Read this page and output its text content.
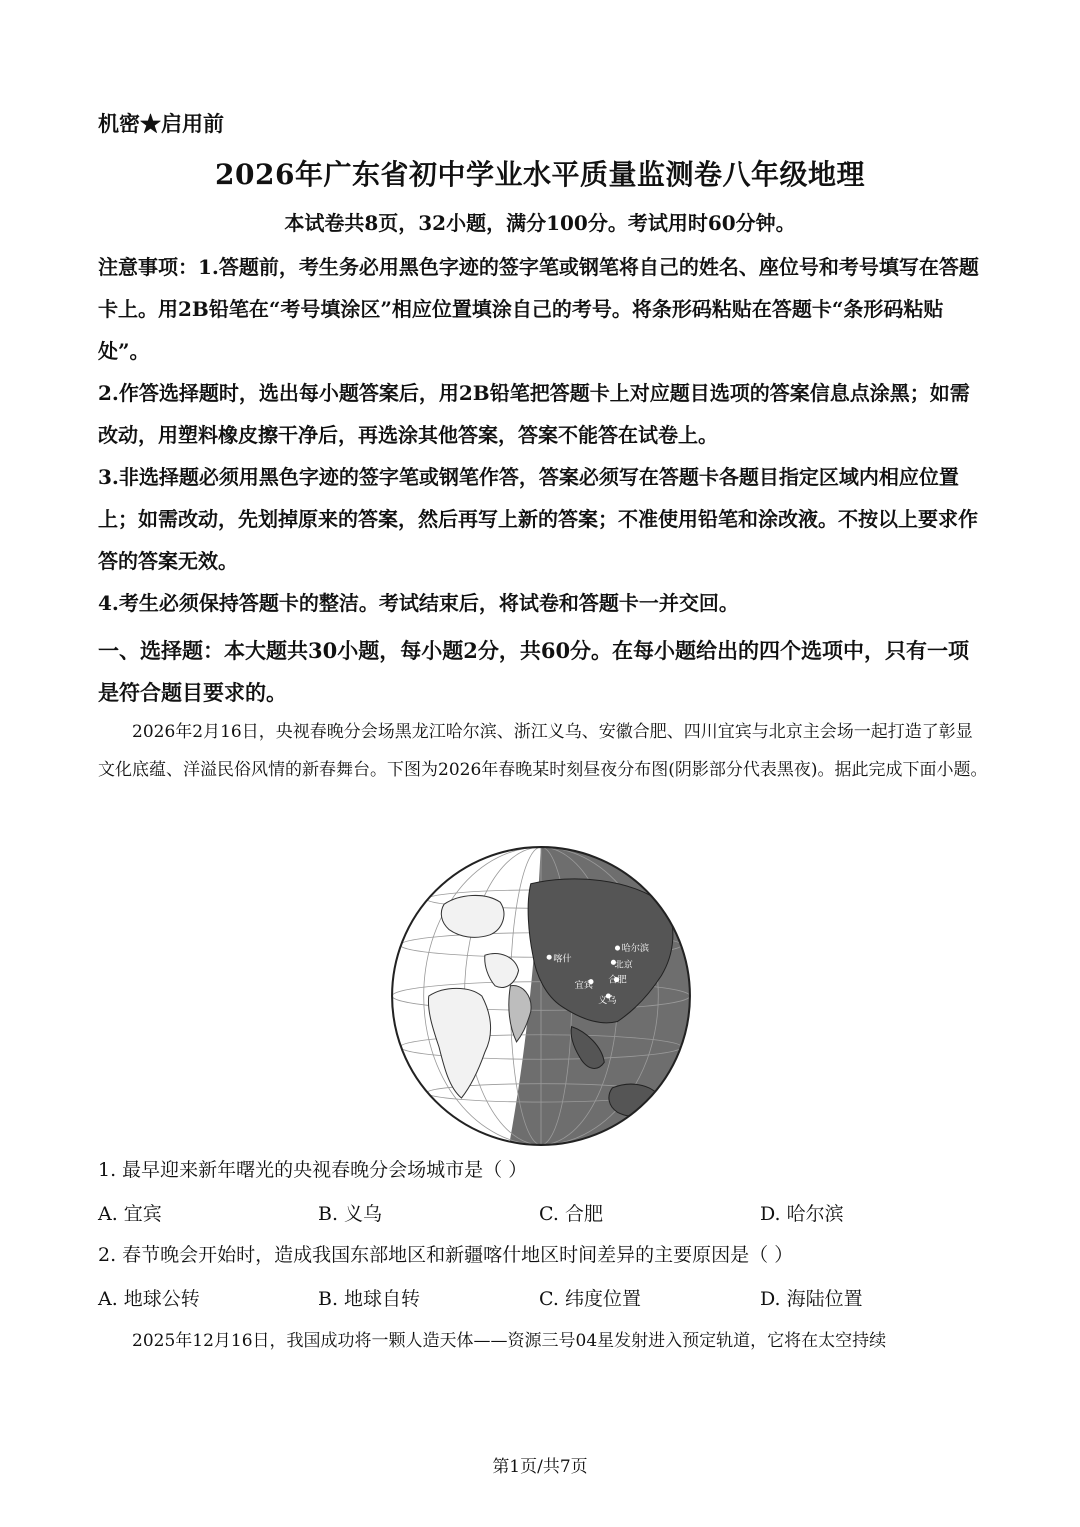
机密★启用前

2026年广东省初中学业水平质量监测卷八年级地理

本试卷共8页，32小题，满分100分。考试用时60分钟。

注意事项：1.答题前，考生务必用黑色字迹的签字笔或钢笔将自己的姓名、座位号和考号填写在答题卡上。用2B铅笔在“考号填涂区”相应位置填涂自己的考号。将条形码粘贴在答题卡“条形码粘贴处”。

2.作答选择题时，选出每小题答案后，用2B铅笔把答题卡上对应题目选项的答案信息点涂黑；如需改动，用塑料橡皮擦干净后，再选涂其他答案，答案不能答在试卷上。

3.非选择题必须用黑色字迹的签字笔或钢笔作答，答案必须写在答题卡各题目指定区域内相应位置上；如需改动，先划掉原来的答案，然后再写上新的答案；不准使用铅笔和涂改液。不按以上要求作答的答案无效。

4.考生必须保持答题卡的整洁。考试结束后，将试卷和答题卡一并交回。

一、选择题：本大题共30小题，每小题2分，共60分。在每小题给出的四个选项中，只有一项是符合题目要求的。

2026年2月16日，央视春晚分会场黑龙江哈尔滨、浙江义乌、安徽合肥、四川宜宾与北京主会场一起打造了彰显文化底蕴、洋溢民俗风情的新春舞台。下图为2026年春晚某时刻昼夜分布图(阴影部分代表黑夜)。据此完成下面小题。

喀什
哈尔滨
北京
宜宾 合肥
义乌

1. 最早迎来新年曙光的央视春晚分会场城市是（ ）

A. 宜宾	B. 义乌	C. 合肥	D. 哈尔滨

2. 春节晚会开始时，造成我国东部地区和新疆喀什地区时间差异的主要原因是（ ）

A. 地球公转	B. 地球自转	C. 纬度位置	D. 海陆位置

2025年12月16日，我国成功将一颗人造天体——资源三号04星发射进入预定轨道，它将在太空持续

第1页/共7页
